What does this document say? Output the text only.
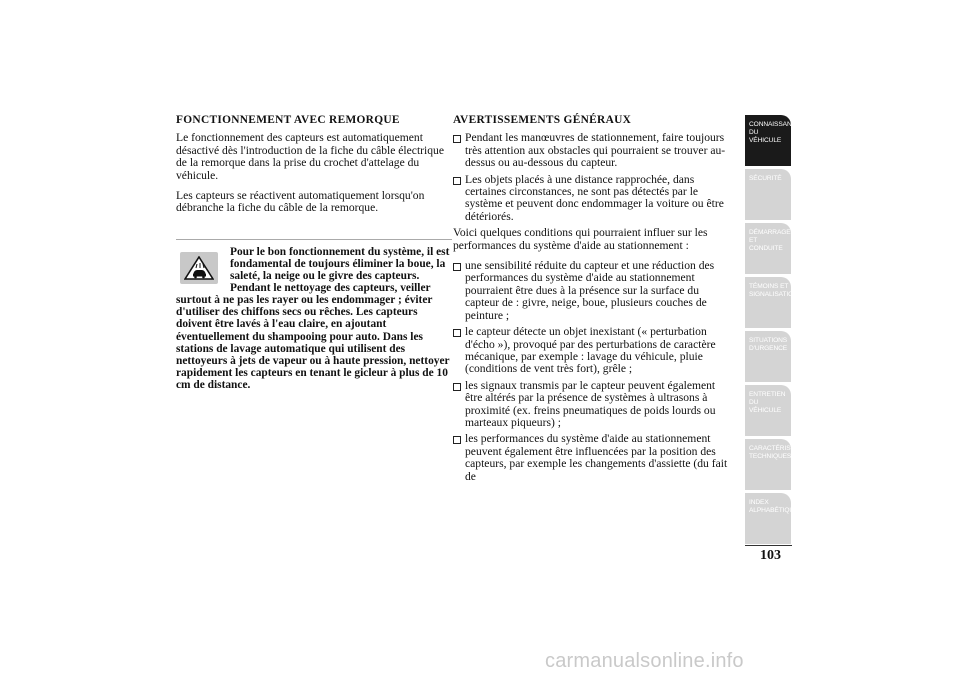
FONCTIONNEMENT AVEC REMORQUE
Le fonctionnement des capteurs est automatiquement désactivé dès l'introduction de la fiche du câble électrique de la remorque dans la prise du crochet d'attelage du véhicule.
Les capteurs se réactivent automatiquement lorsqu'on débranche la fiche du câble de la remorque.
Pour le bon fonctionnement du système, il est fondamental de toujours éliminer la boue, la saleté, la neige ou le givre des capteurs. Pendant le nettoyage des capteurs, veiller surtout à ne pas les rayer ou les endommager ; éviter d'utiliser des chiffons secs ou rêches. Les capteurs doivent être lavés à l'eau claire, en ajoutant éventuellement du shampooing pour auto. Dans les stations de lavage automatique qui utilisent des nettoyeurs à jets de vapeur ou à haute pression, nettoyer rapidement les capteurs en tenant le gicleur à plus de 10 cm de distance.
AVERTISSEMENTS GÉNÉRAUX
Pendant les manœuvres de stationnement, faire toujours très attention aux obstacles qui pourraient se trouver au-dessus ou au-dessous du capteur.
Les objets placés à une distance rapprochée, dans certaines circonstances, ne sont pas détectés par le système et peuvent donc endommager la voiture ou être détériorés.
Voici quelques conditions qui pourraient influer sur les performances du système d'aide au stationnement :
une sensibilité réduite du capteur et une réduction des performances du système d'aide au stationnement pourraient être dues à la présence sur la surface du capteur de : givre, neige, boue, plusieurs couches de peinture ;
le capteur détecte un objet inexistant (« perturbation d'écho »), provoqué par des perturbations de caractère mécanique, par exemple : lavage du véhicule, pluie (conditions de vent très fort), grêle ;
les signaux transmis par le capteur peuvent également être altérés par la présence de systèmes à ultrasons à proximité (ex. freins pneumatiques de poids lourds ou marteaux piqueurs) ;
les performances du système d'aide au stationnement peuvent également être influencées par la position des capteurs, par exemple les changements d'assiette (du fait de
CONNAISSANCE DU VÉHICULE
SÉCURITÉ
DÉMARRAGE ET CONDUITE
TÉMOINS ET SIGNALISATION
SITUATIONS D'URGENCE
ENTRETIEN DU VÉHICULE
CARACTÉRISTIQUES TECHNIQUES
INDEX ALPHABÉTIQUE
103
carmanualsonline.info
